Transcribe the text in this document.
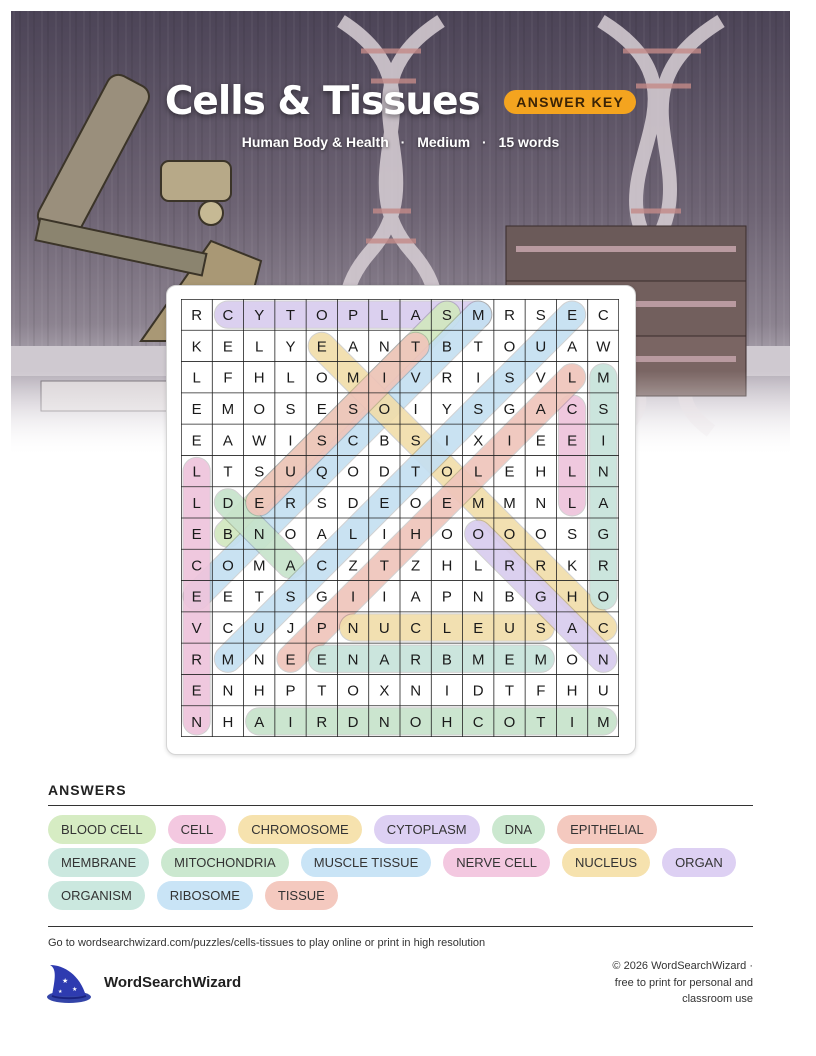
Cells & Tissues	ANSWER KEY
Human Body & Health · Medium · 15 words
R C Y T O P L A S M R S E C
K E L Y E A N T B T O U A W
L F H L O M I V R I S V L M
E M O S E S O I Y S G A C S
E A W I S C B S I X I E E I
L T S U Q O D T O L E H L N
L D E R S D E O E M M N L A
E B N O A L I H O O O O S G
C O M A C Z T Z H L R R K R
E E T S G I I A P N B G H O
V C U J P N U C L E U S A C
R M N E E N A R B M E M O N
E N H P T O X N I D T F H U
N H A I R D N O H C O T I M
ANSWERS
BLOOD CELL	CELL	CHROMOSOME	CYTOPLASM	DNA	EPITHELIAL
MEMBRANE	MITOCHONDRIA	MUSCLE TISSUE	NERVE CELL	NUCLEUS	ORGAN
ORGANISM	RIBOSOME	TISSUE
Go to wordsearchwizard.com/puzzles/cells-tissues to play online or print in high resolution
★
★
★
WordSearchWizard
© 2026 WordSearchWizard ·
free to print for personal and
classroom use
